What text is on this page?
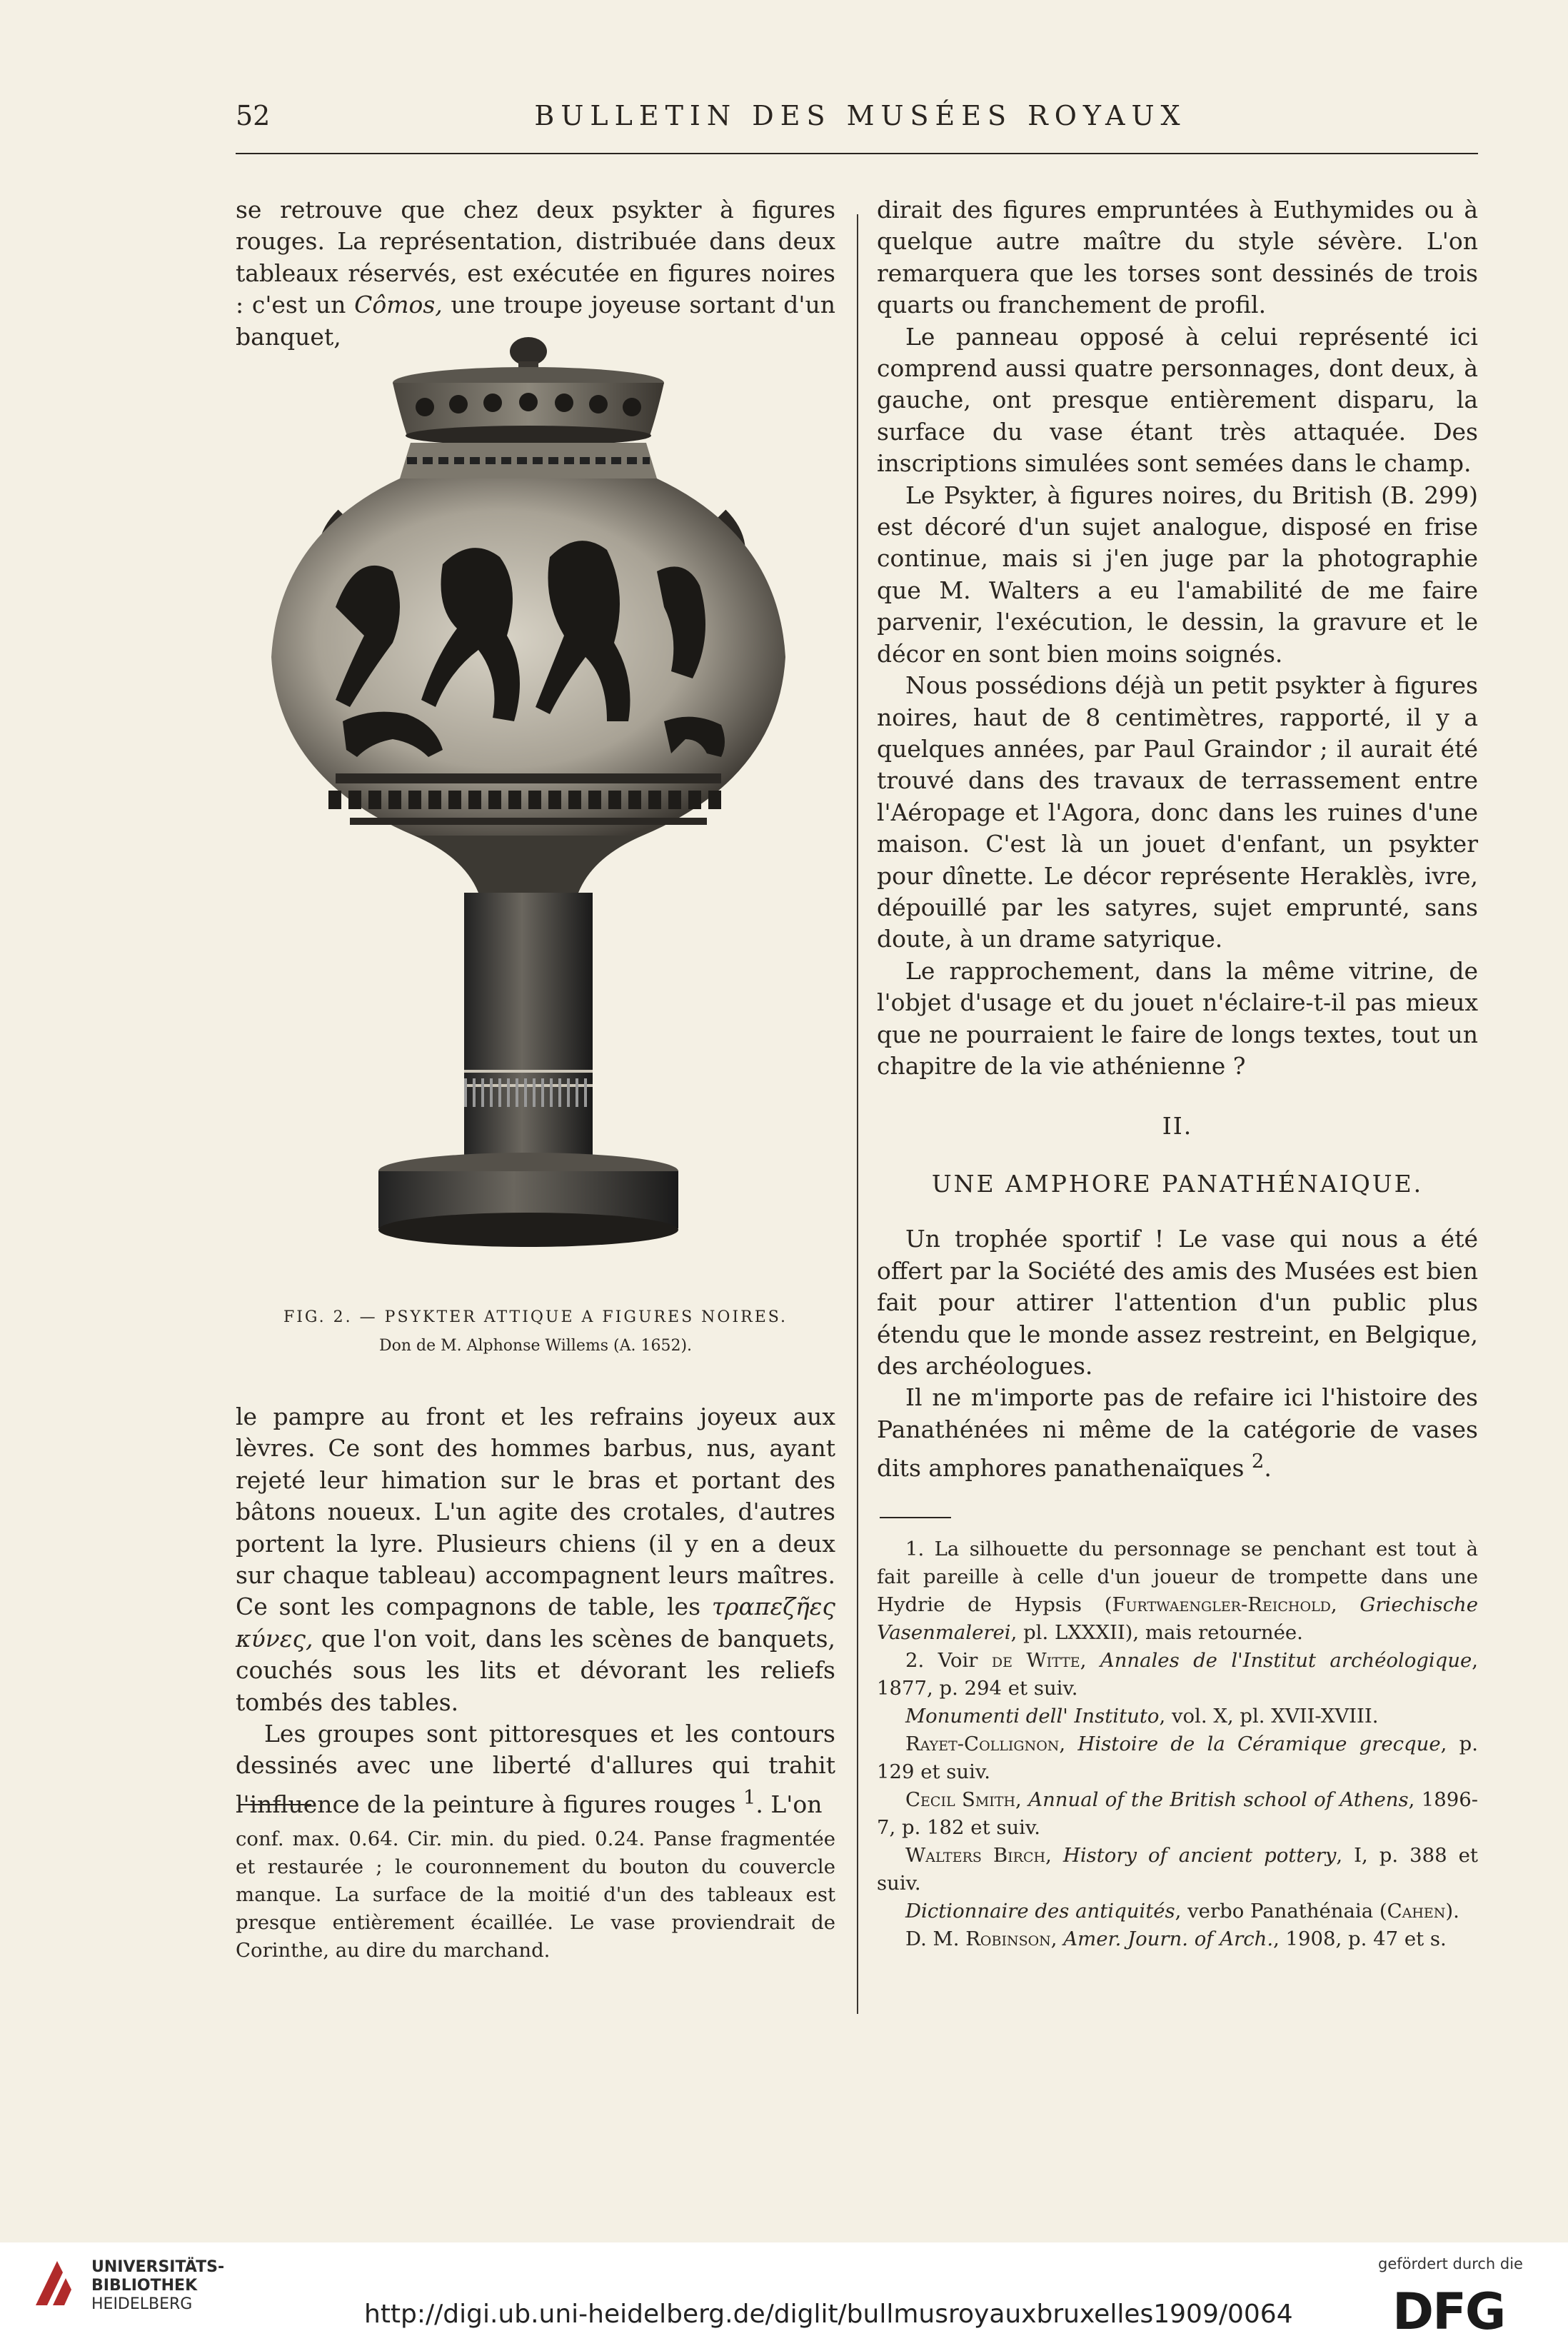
52	BULLETIN DES MUSÉES ROYAUX

se retrouve que chez deux psykter à figures rouges. La représentation, distribuée dans deux tableaux réservés, est exécutée en figures noires : c'est un Cômos, une troupe joyeuse sortant d'un banquet,

FIG. 2. — PSYKTER ATTIQUE A FIGURES NOIRES.
Don de M. Alphonse Willems (A. 1652).

le pampre au front et les refrains joyeux aux lèvres. Ce sont des hommes barbus, nus, ayant rejeté leur himation sur le bras et portant des bâtons noueux. L'un agite des crotales, d'autres portent la lyre. Plusieurs chiens (il y en a deux sur chaque tableau) accompagnent leurs maîtres. Ce sont les compagnons de table, les τραπεζῆες κύνες, que l'on voit, dans les scènes de banquets, couchés sous les lits et dévorant les reliefs tombés des tables.

Les groupes sont pittoresques et les contours dessinés avec une liberté d'allures qui trahit l'influence de la peinture à figures rouges $^1$. L'on

conf. max. 0.64. Cir. min. du pied. 0.24. Panse fragmentée et restaurée ; le couronnement du bouton du couvercle manque. La surface de la moitié d'un des tableaux est presque entièrement écaillée. Le vase proviendrait de Corinthe, au dire du marchand.

dirait des figures empruntées à Euthymides ou à quelque autre maître du style sévère. L'on remarquera que les torses sont dessinés de trois quarts ou franchement de profil.

Le panneau opposé à celui représenté ici comprend aussi quatre personnages, dont deux, à gauche, ont presque entièrement disparu, la surface du vase étant très attaquée. Des inscriptions simulées sont semées dans le champ.

Le Psykter, à figures noires, du British (B. 299) est décoré d'un sujet analogue, disposé en frise continue, mais si j'en juge par la photographie que M. Walters a eu l'amabilité de me faire parvenir, l'exécution, le dessin, la gravure et le décor en sont bien moins soignés.

Nous possédions déjà un petit psykter à figures noires, haut de 8 centimètres, rapporté, il y a quelques années, par Paul Graindor ; il aurait été trouvé dans des travaux de terrassement entre l'Aéropage et l'Agora, donc dans les ruines d'une maison. C'est là un jouet d'enfant, un psykter pour dînette. Le décor représente Heraklès, ivre, dépouillé par les satyres, sujet emprunté, sans doute, à un drame satyrique.

Le rapprochement, dans la même vitrine, de l'objet d'usage et du jouet n'éclaire-t-il pas mieux que ne pourraient le faire de longs textes, tout un chapitre de la vie athénienne ?

II.
UNE AMPHORE PANATHÉNAIQUE.

Un trophée sportif ! Le vase qui nous a été offert par la Société des amis des Musées est bien fait pour attirer l'attention d'un public plus étendu que le monde assez restreint, en Belgique, des archéologues.

Il ne m'importe pas de refaire ici l'histoire des Panathénées ni même de la catégorie de vases dits amphores panathenaïques $^2$.

1. La silhouette du personnage se penchant est tout à fait pareille à celle d'un joueur de trompette dans une Hydrie de Hypsis (Furtwaengler-Reichold, Griechische Vasenmalerei, pl. LXXXII), mais retournée.

2. Voir de Witte, Annales de l'Institut archéologique, 1877, p. 294 et suiv.

Monumenti dell' Instituto, vol. X, pl. XVII-XVIII.

Rayet-Collignon, Histoire de la Céramique grecque, p. 129 et suiv.

Cecil Smith, Annual of the British school of Athens, 1896-7, p. 182 et suiv.

Walters Birch, History of ancient pottery, I, p. 388 et suiv.

Dictionnaire des antiquités, verbo Panathénaia (Cahen).

D. M. Robinson, Amer. Journ. of Arch., 1908, p. 47 et s.

UNIVERSITÄTS-
BIBLIOTHEK
HEIDELBERG	http://digi.ub.uni-heidelberg.de/diglit/bullmusroyauxbruxelles1909/0064
gefördert durch die
DFG
